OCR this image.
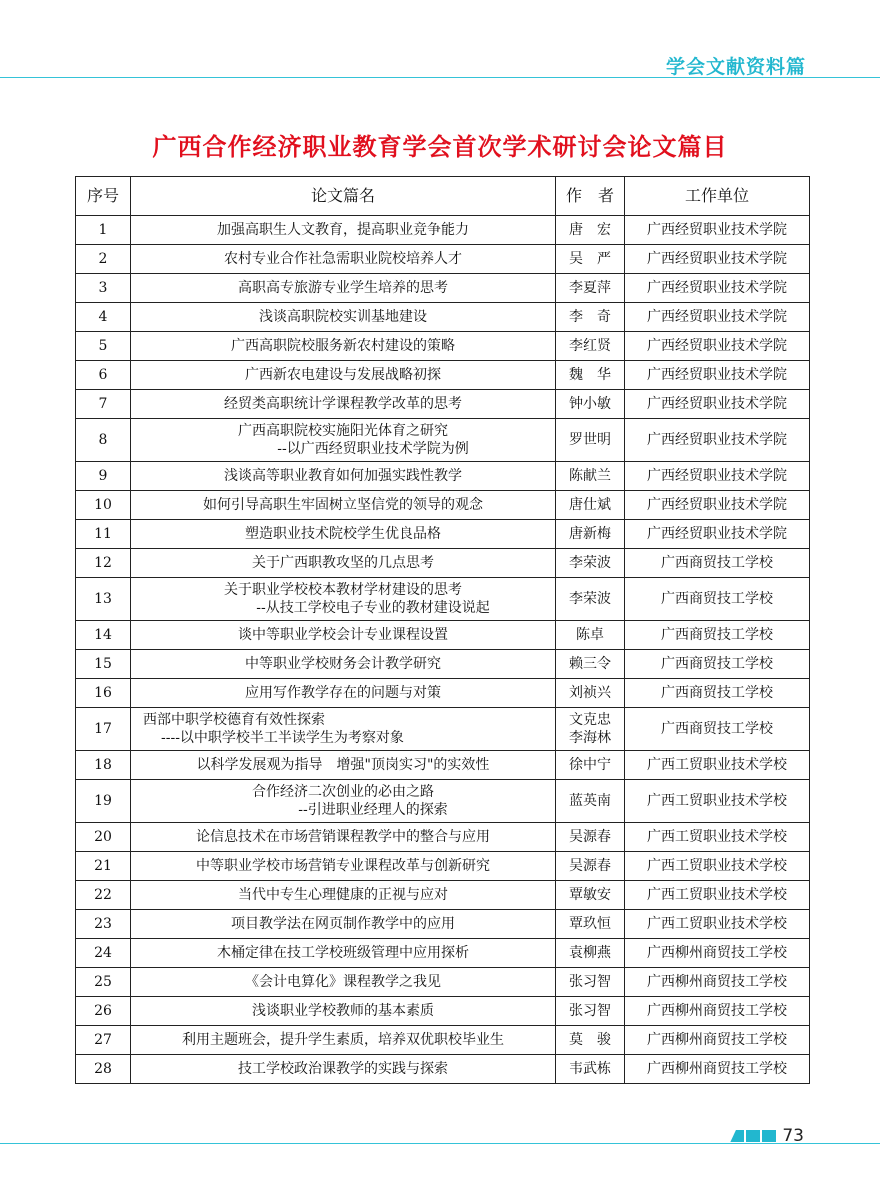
学会文献资料篇
广西合作经济职业教育学会首次学术研讨会论文篇目
序号	论文篇名	作　者	工作单位
1	加强高职生人文教育，提高职业竞争能力	唐　宏	广西经贸职业技术学院
2	农村专业合作社急需职业院校培养人才	吴　严	广西经贸职业技术学院
3	高职高专旅游专业学生培养的思考	李夏萍	广西经贸职业技术学院
4	浅谈高职院校实训基地建设	李　奇	广西经贸职业技术学院
5	广西高职院校服务新农村建设的策略	李红贤	广西经贸职业技术学院
6	广西新农电建设与发展战略初探	魏　华	广西经贸职业技术学院
7	经贸类高职统计学课程教学改革的思考	钟小敏	广西经贸职业技术学院
8	广西高职院校实施阳光体育之研究
--以广西经贸职业技术学院为例	罗世明	广西经贸职业技术学院
9	浅谈高等职业教育如何加强实践性教学	陈献兰	广西经贸职业技术学院
10	如何引导高职生牢固树立坚信党的领导的观念	唐仕斌	广西经贸职业技术学院
11	塑造职业技术院校学生优良品格	唐新梅	广西经贸职业技术学院
12	关于广西职教攻坚的几点思考	李荣波	广西商贸技工学校
13	关于职业学校校本教材学材建设的思考
--从技工学校电子专业的教材建设说起	李荣波	广西商贸技工学校
14	谈中等职业学校会计专业课程设置	陈卓	广西商贸技工学校
15	中等职业学校财务会计教学研究	赖三令	广西商贸技工学校
16	应用写作教学存在的问题与对策	刘祯兴	广西商贸技工学校
17	西部中职学校德育有效性探索
----以中职学校半工半读学生为考察对象	文克忠
李海林	广西商贸技工学校
18	以科学发展观为指导　增强"顶岗实习"的实效性	徐中宁	广西工贸职业技术学校
19	合作经济二次创业的必由之路
--引进职业经理人的探索	蓝英南	广西工贸职业技术学校
20	论信息技术在市场营销课程教学中的整合与应用	吴源春	广西工贸职业技术学校
21	中等职业学校市场营销专业课程改革与创新研究	吴源春	广西工贸职业技术学校
22	当代中专生心理健康的正视与应对	覃敏安	广西工贸职业技术学校
23	项目教学法在网页制作教学中的应用	覃玖恒	广西工贸职业技术学校
24	木桶定律在技工学校班级管理中应用探析	袁柳燕	广西柳州商贸技工学校
25	《会计电算化》课程教学之我见	张习智	广西柳州商贸技工学校
26	浅谈职业学校教师的基本素质	张习智	广西柳州商贸技工学校
27	利用主题班会，提升学生素质，培养双优职校毕业生	莫　骏	广西柳州商贸技工学校
28	技工学校政治课教学的实践与探索	韦武栋	广西柳州商贸技工学校
73
